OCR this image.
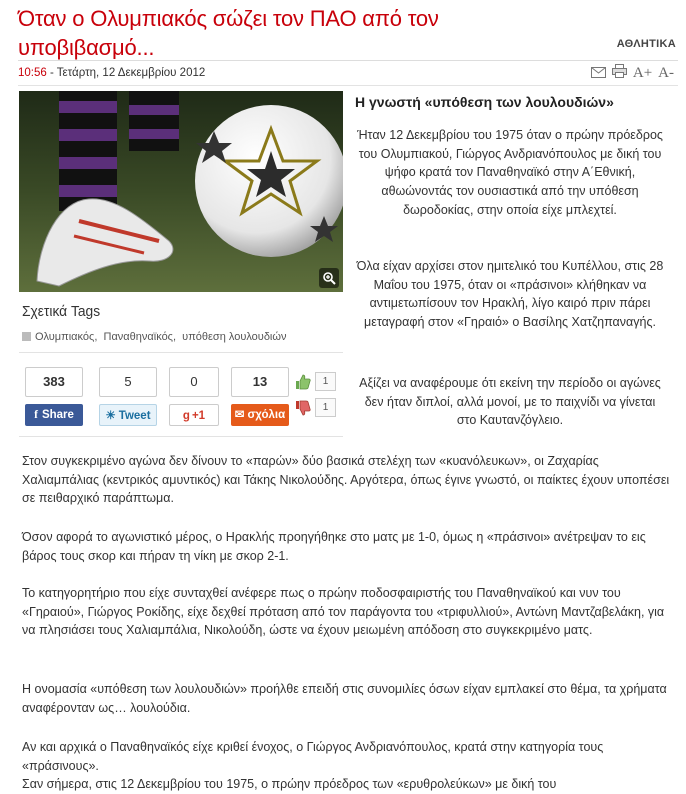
Όταν ο Ολυμπιακός σώζει τον ΠΑΟ από τον υποβιβασμό...	ΑΘΛΗΤΙΚΑ
10:56 - Τετάρτη, 12 Δεκεμβρίου 2012	A+ A-
Σχετικά Tags
Ολυμπιακός,  Παναθηναϊκός,  υπόθεση λουλουδιών
383
f Share
5
☀ Tweet
0
g +1
13
✉ σχόλια
1
1
Η γνωστή «υπόθεση των λουλουδιών»

Ήταν 12 Δεκεμβρίου του 1975 όταν ο πρώην πρόεδρος του Ολυμπιακού, Γιώργος Ανδριανόπουλος με δική του ψήφο κρατά τον Παναθηναϊκό στην Α΄Εθνική, αθωώνοντάς τον ουσιαστικά από την υπόθεση δωροδοκίας, στην οποία είχε μπλεχτεί.

Όλα είχαν αρχίσει στον ημιτελικό του Κυπέλλου, στις 28 Μαΐου του 1975, όταν οι «πράσινοι» κλήθηκαν να αντιμετωπίσουν τον Ηρακλή, λίγο καιρό πριν πάρει μεταγραφή στον «Γηραιό» ο Βασίλης Χατζηπαναγής.

Αξίζει να αναφέρουμε ότι εκείνη την περίοδο οι αγώνες δεν ήταν διπλοί, αλλά μονοί, με το παιχνίδι να γίνεται στο Καυτανζόγλειο.

Στον συγκεκριμένο αγώνα δεν δίνουν το «παρών» δύο βασικά στελέχη των «κυανόλευκων», οι Ζαχαρίας Χαλιαμπάλιας (κεντρικός αμυντικός) και Τάκης Νικολούδης. Αργότερα, όπως έγινε γνωστό, οι παίκτες έχουν υποπέσει σε πειθαρχικό παράπτωμα.

Όσον αφορά το αγωνιστικό μέρος, ο Ηρακλής προηγήθηκε στο ματς με 1-0, όμως η «πράσινοι» ανέτρεψαν το εις βάρος τους σκορ και πήραν τη νίκη με σκορ 2-1.

Το κατηγορητήριο που είχε συνταχθεί ανέφερε πως ο πρώην ποδοσφαιριστής του Παναθηναϊκού και νυν του «Γηραιού», Γιώργος Ροκίδης, είχε δεχθεί πρόταση από τον παράγοντα του «τριφυλλιού», Αντώνη Μαντζαβελάκη, για να πλησιάσει τους Χαλιαμπάλια, Νικολούδη, ώστε να έχουν μειωμένη απόδοση στο συγκεκριμένο ματς.

Η ονομασία «υπόθεση των λουλουδιών» προήλθε επειδή στις συνομιλίες όσων είχαν εμπλακεί στο θέμα, τα χρήματα αναφέρονταν ως… λουλούδια.

Αν και αρχικά ο Παναθηναϊκός είχε κριθεί ένοχος, ο Γιώργος Ανδριανόπουλος, κρατά στην κατηγορία τους «πράσινους».

Σαν σήμερα, στις 12 Δεκεμβρίου του 1975, ο πρώην πρόεδρος των «ερυθρολεύκων» με δική του
